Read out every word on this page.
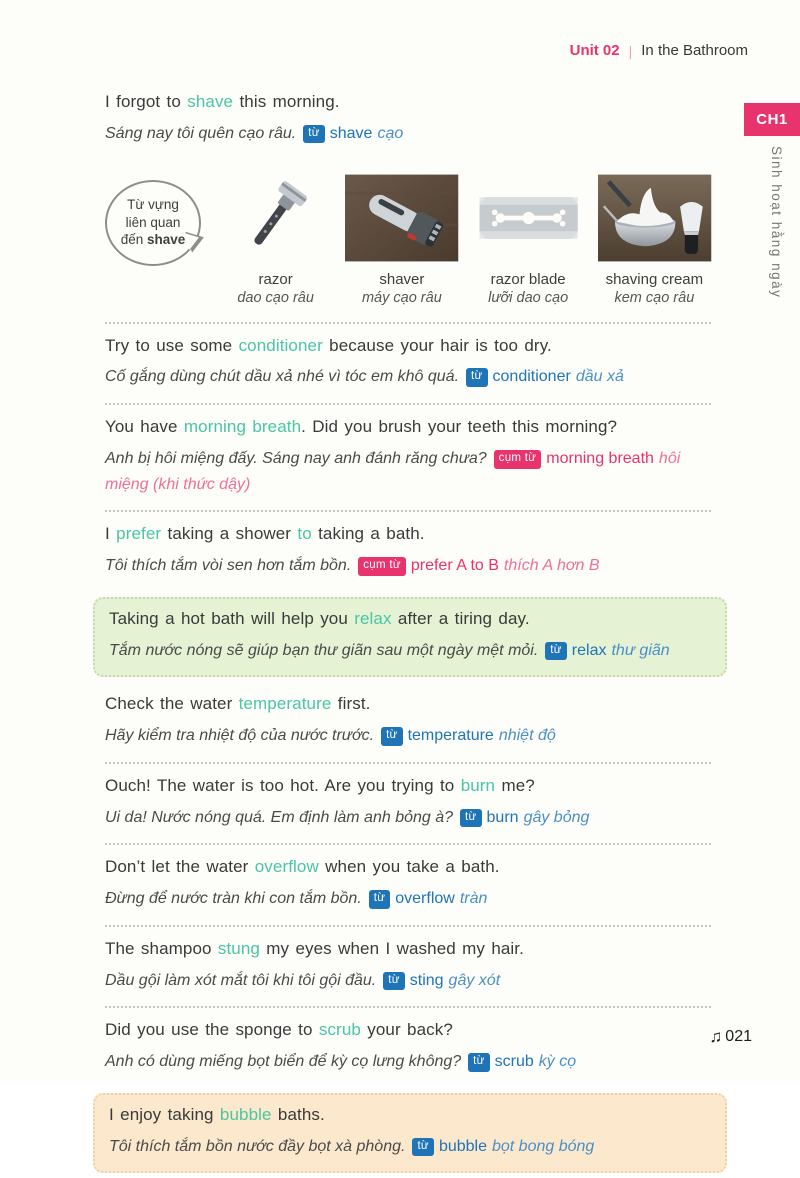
Unit 02 | In the Bathroom
CH1
Sinh hoạt hằng ngày

I forgot to shave this morning.

Sáng nay tôi quên cạo râu. từ shave cạo

Từ vựng
liên quan
đến shave
razor
dao cạo râu
shaver
máy cạo râu
razor blade
lưỡi dao cạo
shaving cream
kem cạo râu

Try to use some conditioner because your hair is too dry.

Cố gắng dùng chút dầu xả nhé vì tóc em khô quá. từ conditioner dầu xả

You have morning breath. Did you brush your teeth this morning?

Anh bị hôi miệng đấy. Sáng nay anh đánh răng chưa? cụm từ morning breath hôi miệng (khi thức dậy)

I prefer taking a shower to taking a bath.

Tôi thích tắm vòi sen hơn tắm bồn. cụm từ prefer A to B thích A hơn B

Taking a hot bath will help you relax after a tiring day.

Tắm nước nóng sẽ giúp bạn thư giãn sau một ngày mệt mỏi. từ relax thư giãn

Check the water temperature first.

Hãy kiểm tra nhiệt độ của nước trước. từ temperature nhiệt độ

Ouch! The water is too hot. Are you trying to burn me?

Ui da! Nước nóng quá. Em định làm anh bỏng à? từ burn gây bỏng

Don’t let the water overflow when you take a bath.

Đừng để nước tràn khi con tắm bồn. từ overflow tràn

The shampoo stung my eyes when I washed my hair.

Dầu gội làm xót mắt tôi khi tôi gội đầu. từ sting gây xót

Did you use the sponge to scrub your back?

Anh có dùng miếng bọt biển để kỳ cọ lưng không? từ scrub kỳ cọ

I enjoy taking bubble baths.

Tôi thích tắm bồn nước đầy bọt xà phòng. từ bubble bọt bong bóng

♫ 021
